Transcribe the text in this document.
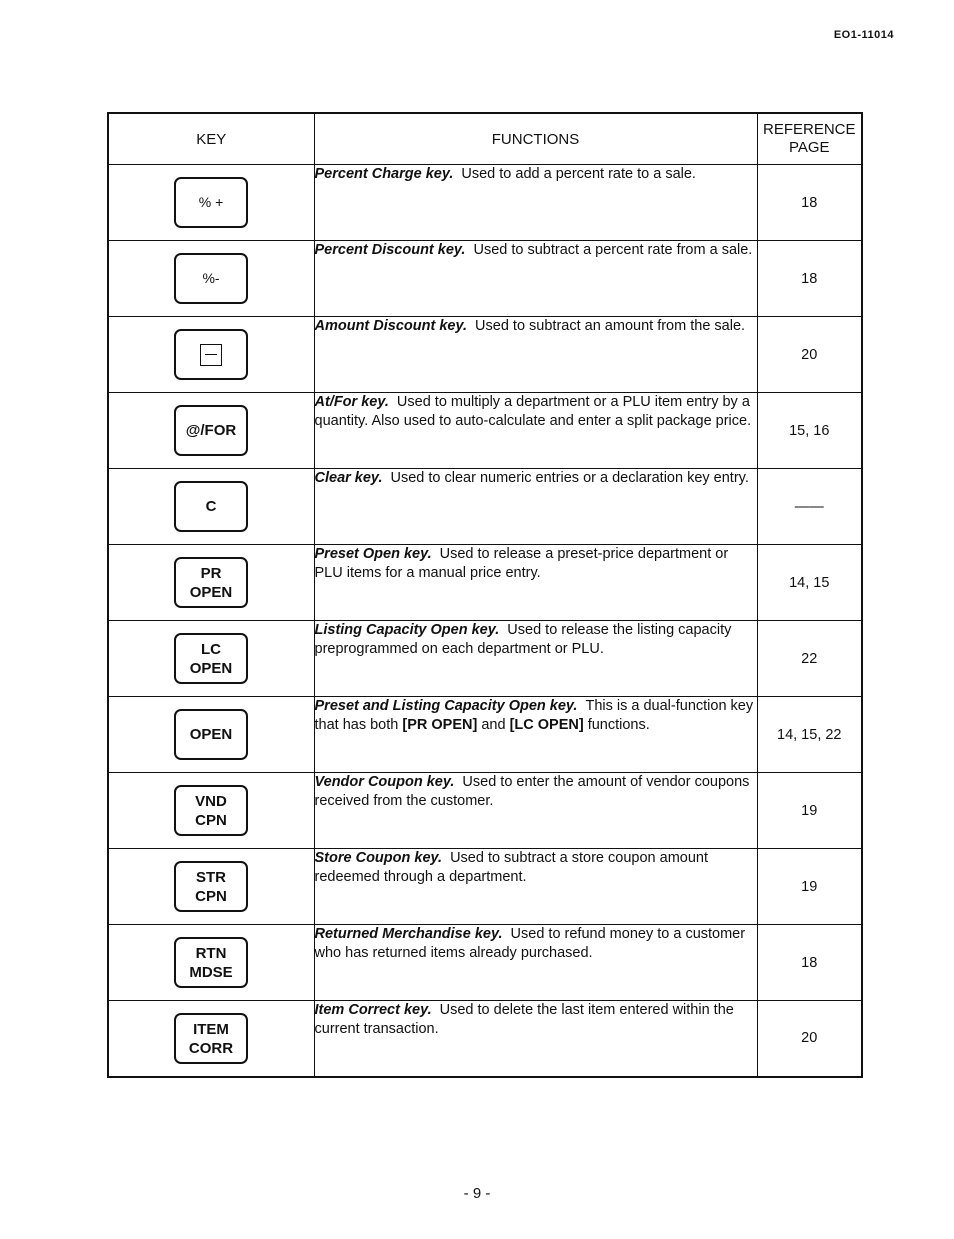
EO1-11014
KEY	FUNCTIONS	REFERENCE
PAGE

% +	Percent Charge key. Used to add a percent rate to a sale.	18

%-	Percent Discount key. Used to subtract a percent rate from a sale.	18

	Amount Discount key. Used to subtract an amount from the sale.	20

@/FOR	At/For key. Used to multiply a department or a PLU item entry by a quantity. Also used to auto-calculate and enter a split package price.	15, 16

C	Clear key. Used to clear numeric entries or a declaration key entry.	——

PR
OPEN	Preset Open key. Used to release a preset-price department or PLU items for a manual price entry.	14, 15

LC
OPEN	Listing Capacity Open key. Used to release the listing capacity preprogrammed on each department or PLU.	22

OPEN	Preset and Listing Capacity Open key. This is a dual-function key that has both [PR OPEN] and [LC OPEN] functions.	14, 15, 22

VND
CPN	Vendor Coupon key. Used to enter the amount of vendor coupons received from the customer.	19

STR
CPN	Store Coupon key. Used to subtract a store coupon amount redeemed through a department.	19

RTN
MDSE	Returned Merchandise key. Used to refund money to a customer who has returned items already purchased.	18

ITEM
CORR	Item Correct key. Used to delete the last item entered within the current transaction.	20
- 9 -
